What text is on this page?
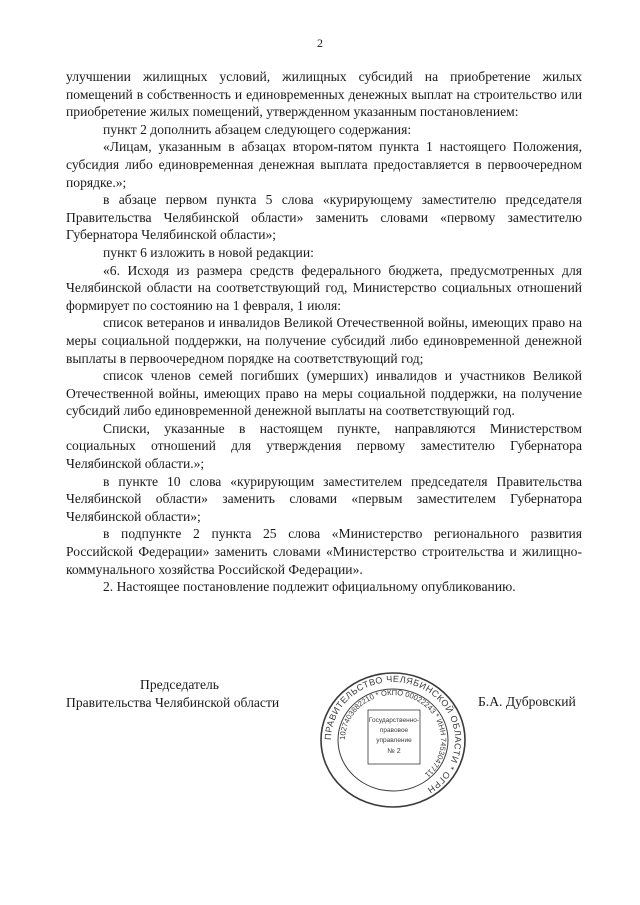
2

улучшении жилищных условий, жилищных субсидий на приобретение жилых помещений в собственность и единовременных денежных выплат на строительство или приобретение жилых помещений, утвержденном указанным постановлением:

пункт 2 дополнить абзацем следующего содержания:

«Лицам, указанным в абзацах втором-пятом пункта 1 настоящего Положения, субсидия либо единовременная денежная выплата предоставляется в первоочередном порядке.»;

в абзаце первом пункта 5 слова «курирующему заместителю председателя Правительства Челябинской области» заменить словами «первому заместителю Губернатора Челябинской области»;

пункт 6 изложить в новой редакции:

«6. Исходя из размера средств федерального бюджета, предусмотренных для Челябинской области на соответствующий год, Министерство социальных отношений формирует по состоянию на 1 февраля, 1 июля:

список ветеранов и инвалидов Великой Отечественной войны, имеющих право на меры социальной поддержки, на получение субсидий либо единовременной денежной выплаты в первоочередном порядке на соответствующий год;

список членов семей погибших (умерших) инвалидов и участников Великой Отечественной войны, имеющих право на меры социальной поддержки, на получение субсидий либо единовременной денежной выплаты на соответствующий год.

Списки, указанные в настоящем пункте, направляются Министерством социальных отношений для утверждения первому заместителю Губернатора Челябинской области.»;

в пункте 10 слова «курирующим заместителем председателя Правительства Челябинской области» заменить словами «первым заместителем Губернатора Челябинской области»;

в подпункте 2 пункта 25 слова «Министерство регионального развития Российской Федерации» заменить словами «Министерство строительства и жилищно-коммунального хозяйства Российской Федерации».

2. Настоящее постановление подлежит официальному опубликованию.

Председатель
Правительства Челябинской области
ПРАВИТЕЛЬСТВО ЧЕЛЯБИНСКОЙ ОБЛАСТИ * ОГРН
1027403882210 * ОКПО 00022243 * ИНН 7453047711
Государственно-
правовое
управление
№ 2
Б.А. Дубровский
